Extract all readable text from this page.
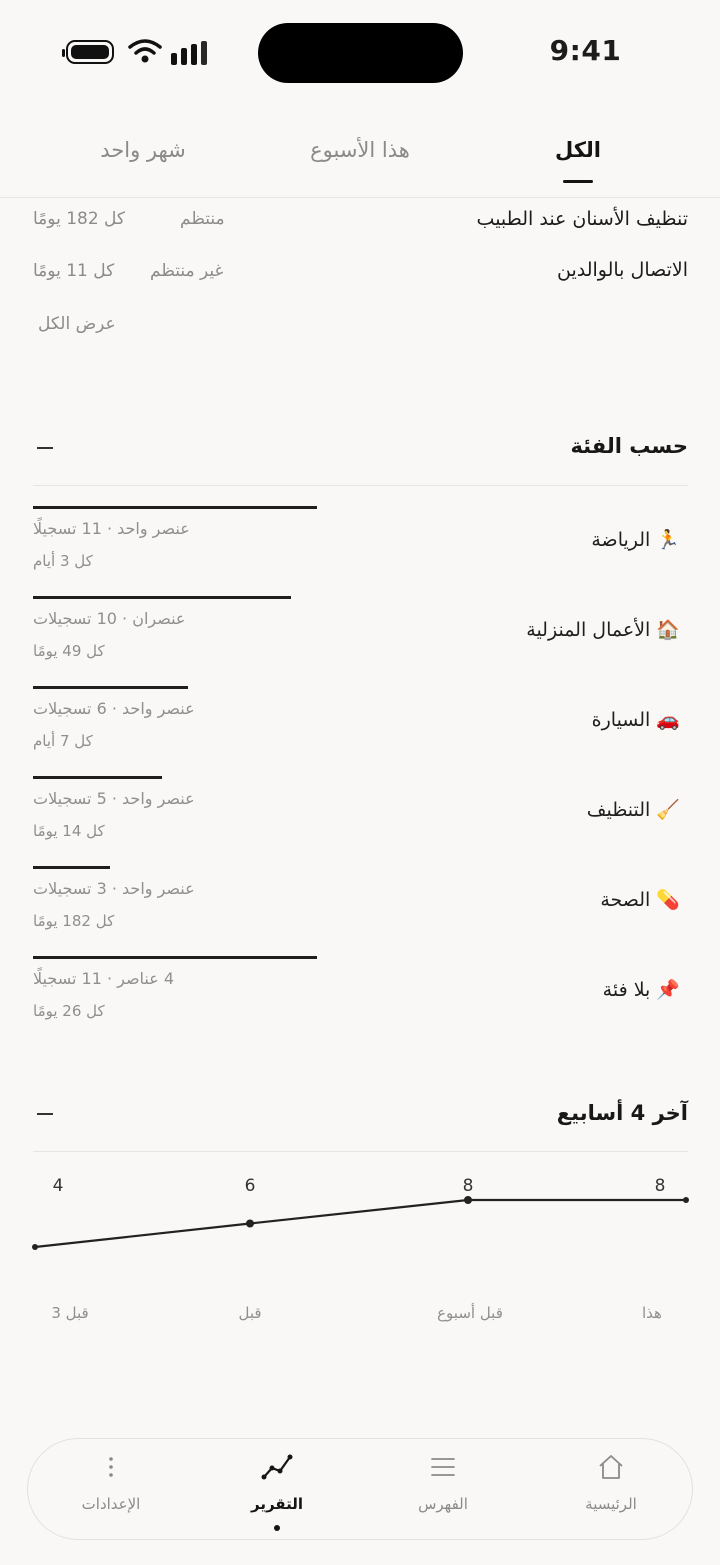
9:41
الكل
هذا الأسبوع
شهر واحد
تنظيف الأسنان عند الطبيب
منتظم
كل 182 يومًا
الاتصال بالوالدين
غير منتظم
كل 11 يومًا
عرض الكل
حسب الفئة
🏃الرياضة
عنصر واحد · 11 تسجيلًا
كل 3 أيام
🏠الأعمال المنزلية
عنصران · 10 تسجيلات
كل 49 يومًا
🚗السيارة
عنصر واحد · 6 تسجيلات
كل 7 أيام
🧹التنظيف
عنصر واحد · 5 تسجيلات
كل 14 يومًا
💊الصحة
عنصر واحد · 3 تسجيلات
كل 182 يومًا
📌بلا فئة
4 عناصر · 11 تسجيلًا
كل 26 يومًا
آخر 4 أسابيع
4	6	8	8
قبل 3	قبل	قبل أسبوع	هذا
الرئيسية
الفهرس
التقرير
الإعدادات
